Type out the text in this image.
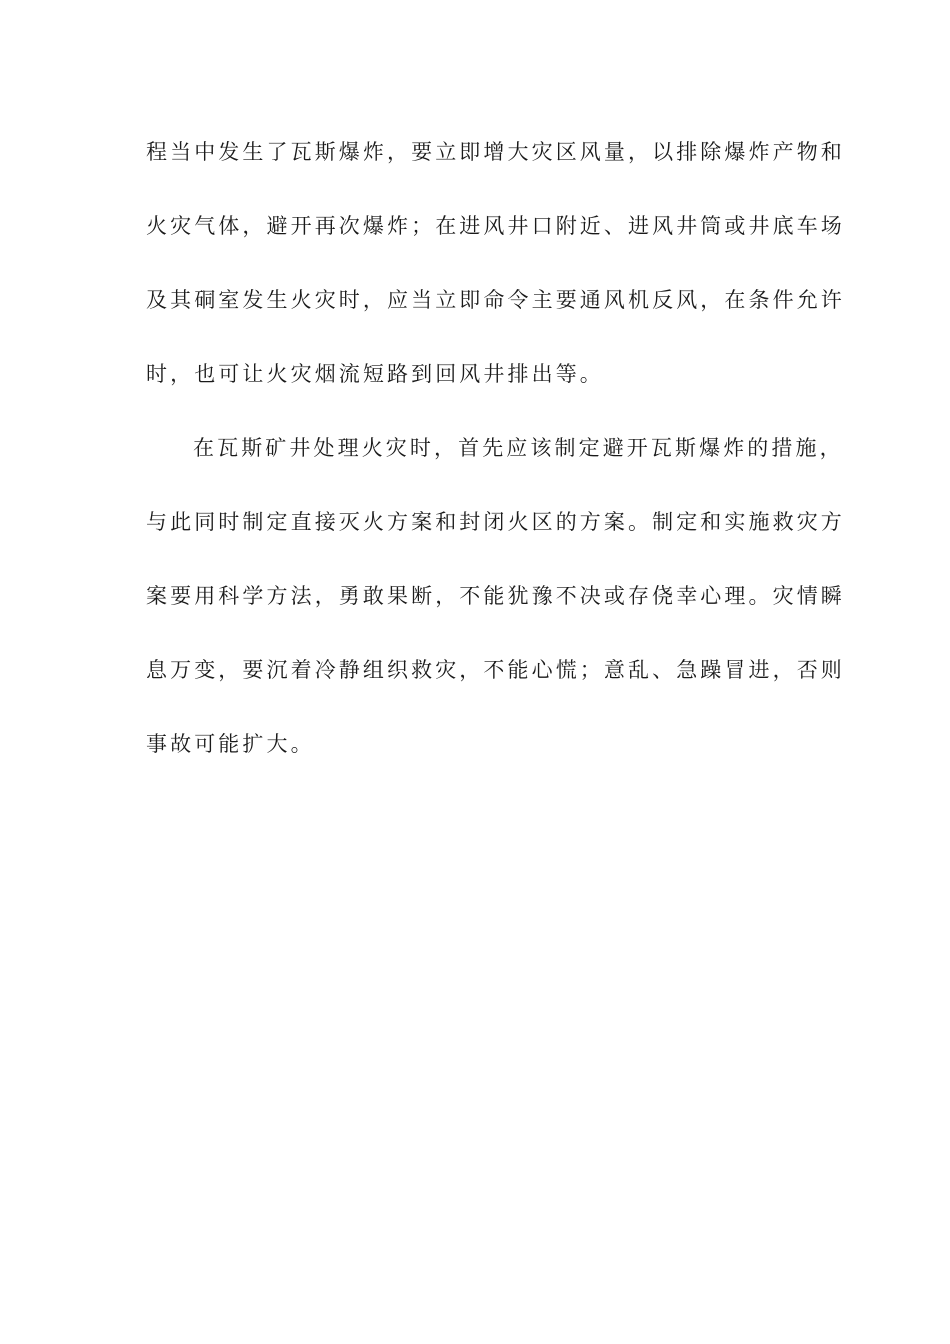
程当中发生了瓦斯爆炸，要立即增大灾区风量，以排除爆炸产物和
火灾气体，避开再次爆炸；在进风井口附近、进风井筒或井底车场
及其硐室发生火灾时，应当立即命令主要通风机反风，在条件允许
时，也可让火灾烟流短路到回风井排出等。
在瓦斯矿井处理火灾时，首先应该制定避开瓦斯爆炸的措施，
与此同时制定直接灭火方案和封闭火区的方案。制定和实施救灾方
案要用科学方法，勇敢果断，不能犹豫不决或存侥幸心理。灾情瞬
息万变，要沉着冷静组织救灾，不能心慌；意乱、急躁冒进，否则
事故可能扩大。
